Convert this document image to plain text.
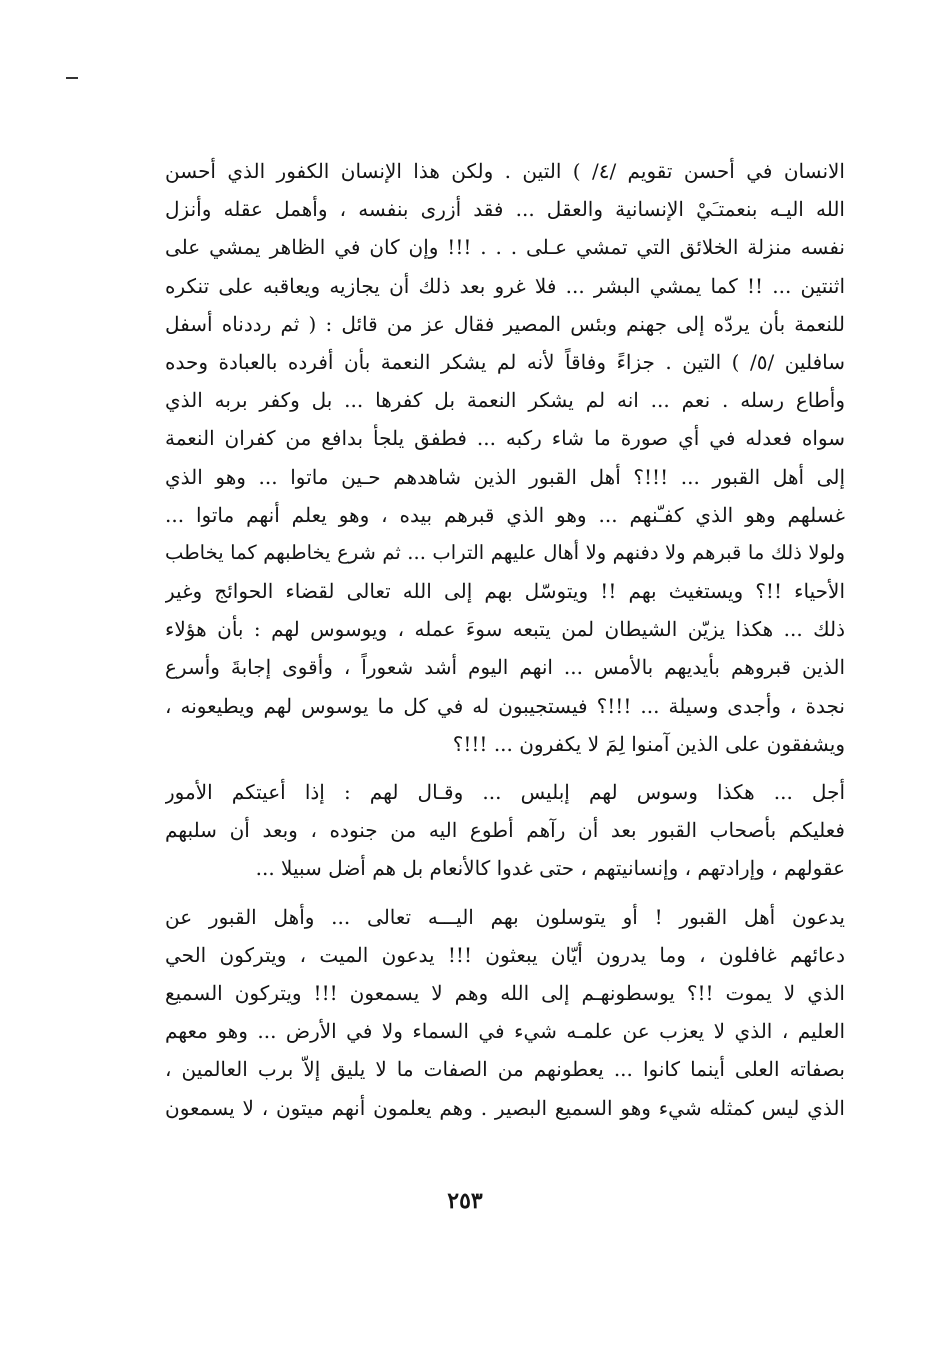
الانسان في أحسن تقويم /٤/ ) التين . ولكن هذا الإنسان الكفور الذي أحسن
الله اليـه بنعمتـَيْ الإنسانية والعقل ... فقد أزرى بنفسه ، وأهمل عقله وأنزل
نفسه منزلة الخلائق التي تمشي عـلى . . . !!! وإن كان في الظاهر يمشي على
اثنتين ... !! كما يمشي البشر ... فلا غرو بعد ذلك أن يجازيه ويعاقبه على تنكره
للنعمة بأن يردّه إلى جهنم وبئس المصير فقال عز من قائل : ( ثم رددناه أسفل
سافلين /٥/ ) التين . جزاءً وفاقاً لأنه لم يشكر النعمة بأن أفرده بالعبادة وحده
وأطاع رسله . نعم ... انه لم يشكر النعمة بل كفرها ... بل وكفر بربه الذي
سواه فعدله في أي صورة ما شاء ركبه ... فطفق يلجأ بدافع من كفران النعمة
إلى أهل القبور ... !!!؟ أهل القبور الذين شاهدهم حـين ماتوا ... وهو الذي
غسلهم وهو الذي كفـّنهم ... وهو الذي قبرهم بيده ، وهو يعلم أنهم ماتوا ...
ولولا ذلك ما قبرهم ولا دفنهم ولا أهال عليهم التراب ... ثم شرع يخاطبهم كما يخاطب
الأحياء !!؟ ويستغيث بهم !! ويتوسّل بهم إلى الله تعالى لقضاء الحوائج وغير
ذلك ... هكذا يزيّن الشيطان لمن يتبعه سوءَ عمله ، ويوسوس لهم : بأن هؤلاء
الذين قبروهم بأيديهم بالأمس ... انهم اليوم أشد شعوراً ، وأقوى إجابةَ وأسرع
نجدة ، وأجدى وسيلة ... !!!؟ فيستجيبون له في كل ما يوسوس لهم ويطيعونه ،
ويشفقون على الذين آمنوا لِمَ لا يكفرون ... !!!؟
أجل ... هكذا وسوس لهم إبليس ... وقـال لهم : إذا أعيتكم الأمور
فعليكم بأصحاب القبور بعد أن رآهم أطوع اليه من جنوده ، وبعد أن سلبهم
عقولهم ، وإرادتهم ، وإنسانيتهم ، حتى غدوا كالأنعام بل هم أضل سبيلا ...
يدعون أهل القبور ! أو يتوسلون بهم اليـــه تعالى ... وأهل القبور عن
دعائهم غافلون ، وما يدرون أيّان يبعثون !!! يدعون الميت ، ويتركون الحي
الذي لا يموت !!؟ يوسطونهـم إلى الله وهم لا يسمعون !!! ويتركون السميع
العليم ، الذي لا يعزب عن علمـه شيء في السماء ولا في الأرض ... وهو معهم
بصفاته العلى أينما كانوا ... يعطونهم من الصفات ما لا يليق إلاّ برب العالمين ،
الذي ليس كمثله شيء وهو السميع البصير . وهم يعلمون أنهم ميتون ، لا يسمعون
٢٥٣
